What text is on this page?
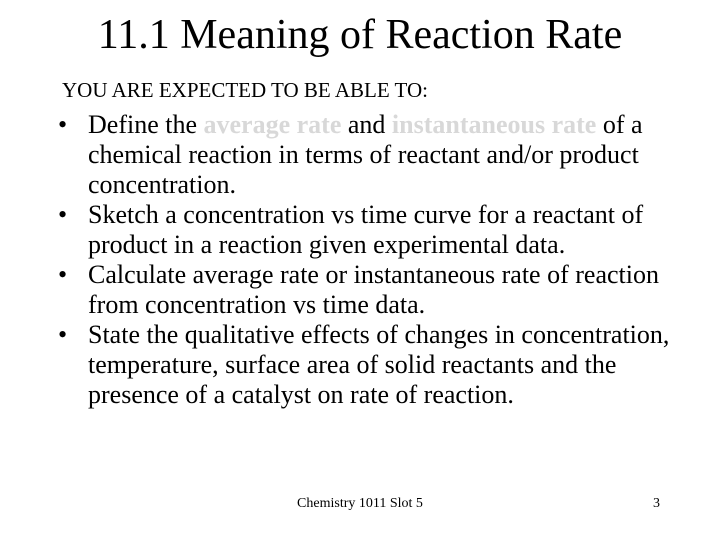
11.1 Meaning of Reaction Rate
YOU ARE EXPECTED TO BE ABLE TO:
• Define the average rate and instantaneous rate of a chemical reaction in terms of reactant and/or product concentration.
• Sketch a concentration vs time curve for a reactant of product in a reaction given experimental data.
• Calculate average rate or instantaneous rate of reaction from concentration vs time data.
• State the qualitative effects of changes in concentration, temperature, surface area of solid reactants and the presence of a catalyst on rate of reaction.
Chemistry 1011 Slot 5	3
